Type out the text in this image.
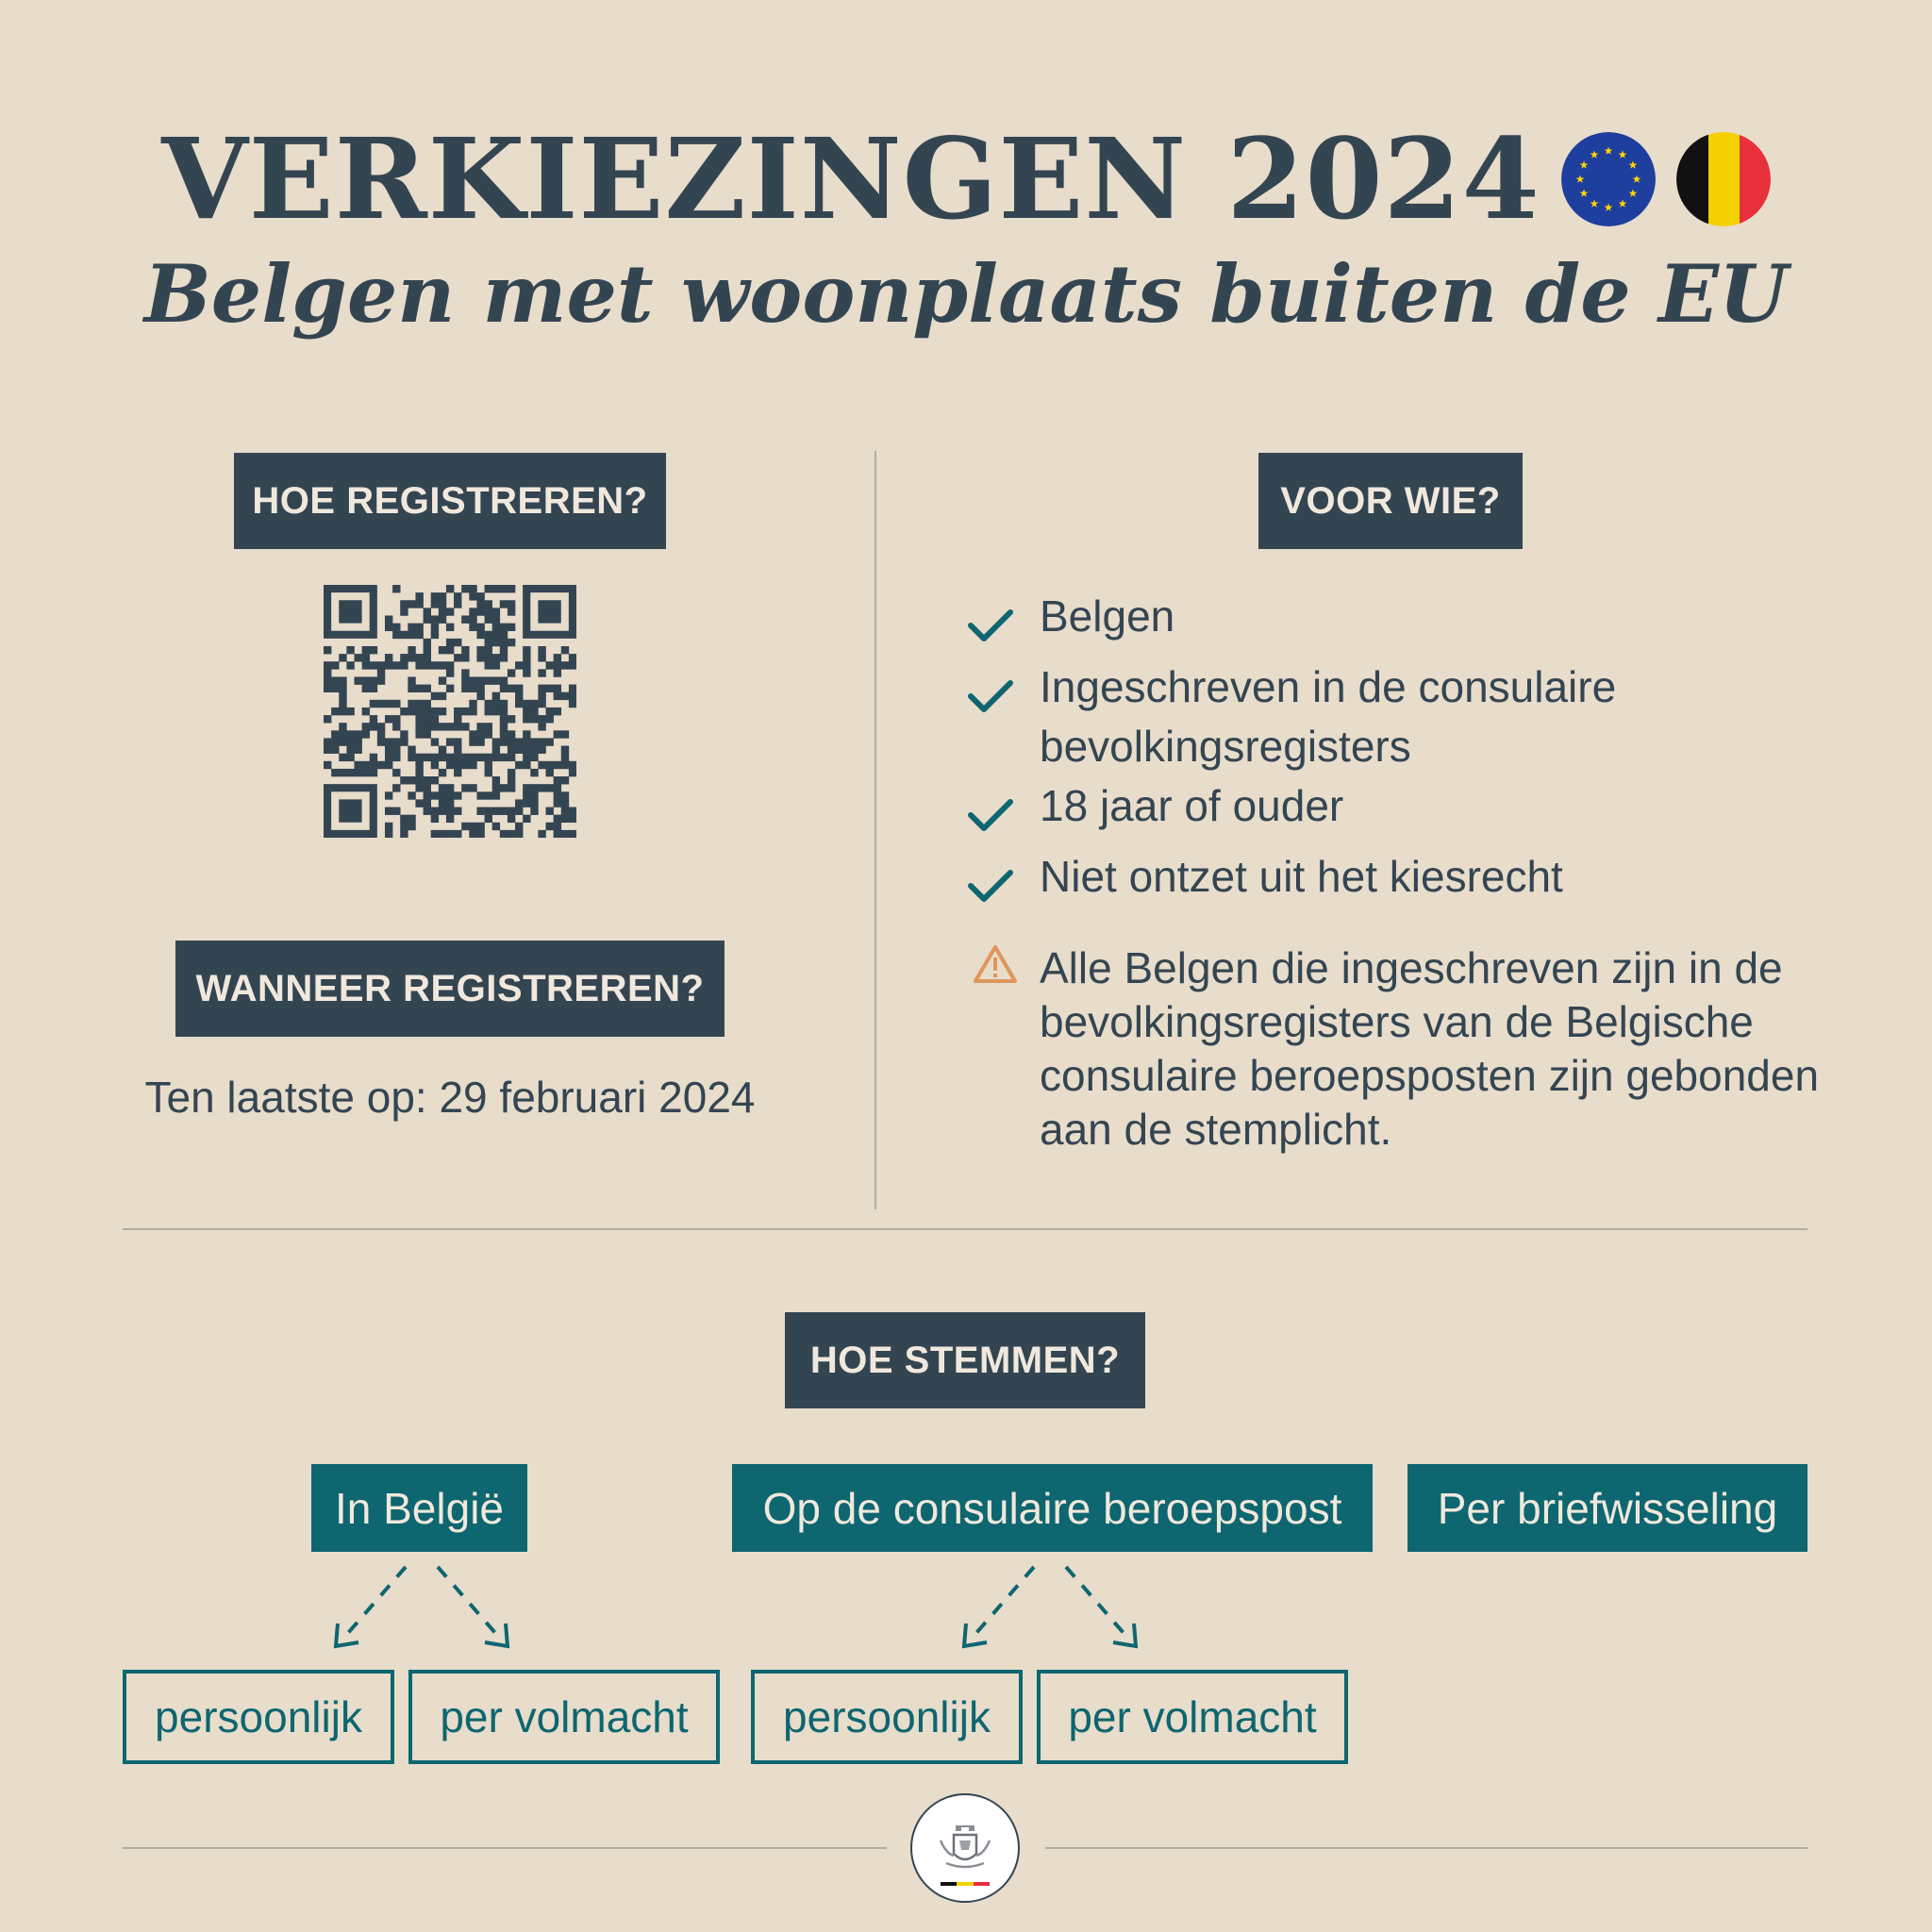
VERKIEZINGEN 2024
Belgen met woonplaats buiten de EU
HOE REGISTREREN?
WANNEER REGISTREREN?
Ten laatste op: 29 februari 2024
VOOR WIE?
Belgen
Ingeschreven in de consulaire bevolkingsregisters
18 jaar of ouder
Niet ontzet uit het kiesrecht
Alle Belgen die ingeschreven zijn in de bevolkingsregisters van de Belgische consulaire beroepsposten zijn gebonden aan de stemplicht.
HOE STEMMEN?
In België	Op de consulaire beroepspost	Per briefwisseling
persoonlijk	per volmacht	persoonlijk	per volmacht
